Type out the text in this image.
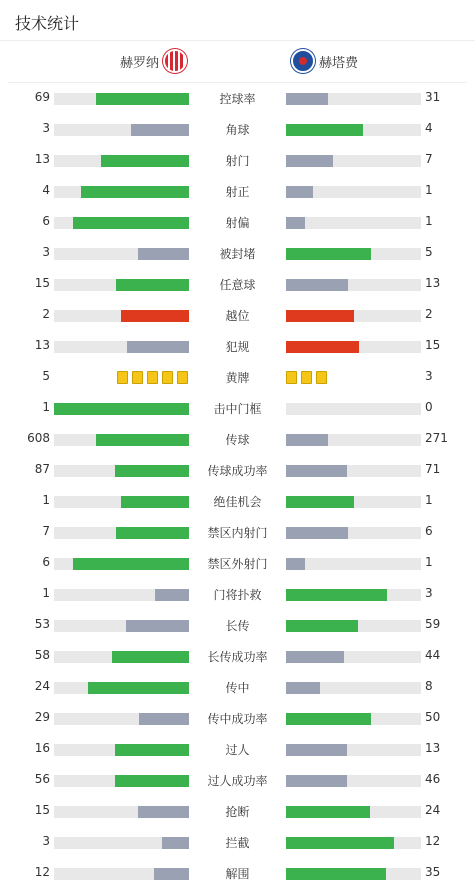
技术统计
赫罗纳	赫塔费
69	控球率	31
3	角球	4
13	射门	7
4	射正	1
6	射偏	1
3	被封堵	5
15	任意球	13
2	越位	2
13	犯规	15
5	黄牌	3
1	击中门框	0
608	传球	271
87	传球成功率	71
1	绝佳机会	1
7	禁区内射门	6
6	禁区外射门	1
1	门将扑救	3
53	长传	59
58	长传成功率	44
24	传中	8
29	传中成功率	50
16	过人	13
56	过人成功率	46
15	抢断	24
3	拦截	12
12	解围	35
